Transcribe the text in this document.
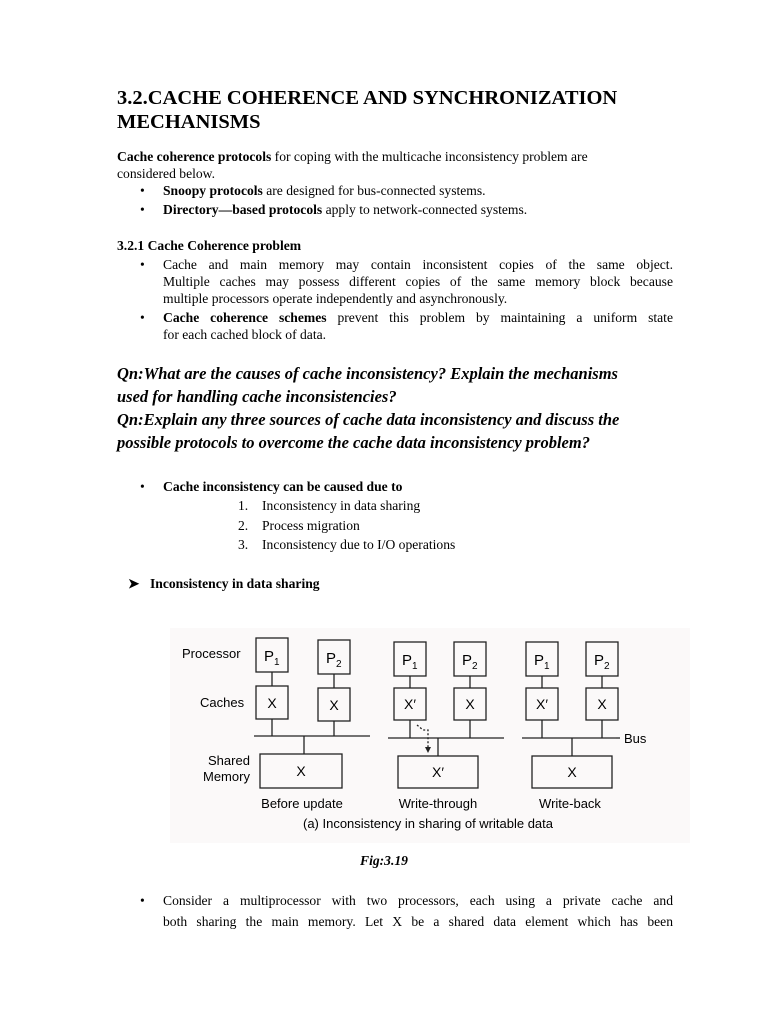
3.2.CACHE COHERENCE AND SYNCHRONIZATION
MECHANISMS
Cache coherence protocols for coping with the multicache inconsistency problem are
considered below.
• Snoopy protocols are designed for bus-connected systems.
• Directory—based protocols apply to network-connected systems.
3.2.1 Cache Coherence problem
• Cache and main memory may contain inconsistent copies of the same object.
Multiple caches may possess different copies of the same memory block because
multiple processors operate independently and asynchronously.
• Cache coherence schemes prevent this problem by maintaining a uniform state
for each cached block of data.
Qn:What are the causes of cache inconsistency? Explain the mechanisms
used for handling cache inconsistencies?
Qn:Explain any three sources of cache data inconsistency and discuss the
possible protocols to overcome the cache data inconsistency problem?
• Cache inconsistency can be caused due to
1. Inconsistency in data sharing
2. Process migration
3. Inconsistency due to I/O operations
➤ Inconsistency in data sharing
Processor
Caches
Shared
Memory
Bus
$P_1$	$P_2$	$P_1$	$P_2$	$P_1$	$P_2$
X	X	X′	X	X′	X
X	X′	X
Before update	Write-through	Write-back
(a) Inconsistency in sharing of writable data
Fig:3.19
• Consider a multiprocessor with two processors, each using a private cache and
both sharing the main memory. Let X be a shared data element which has been
